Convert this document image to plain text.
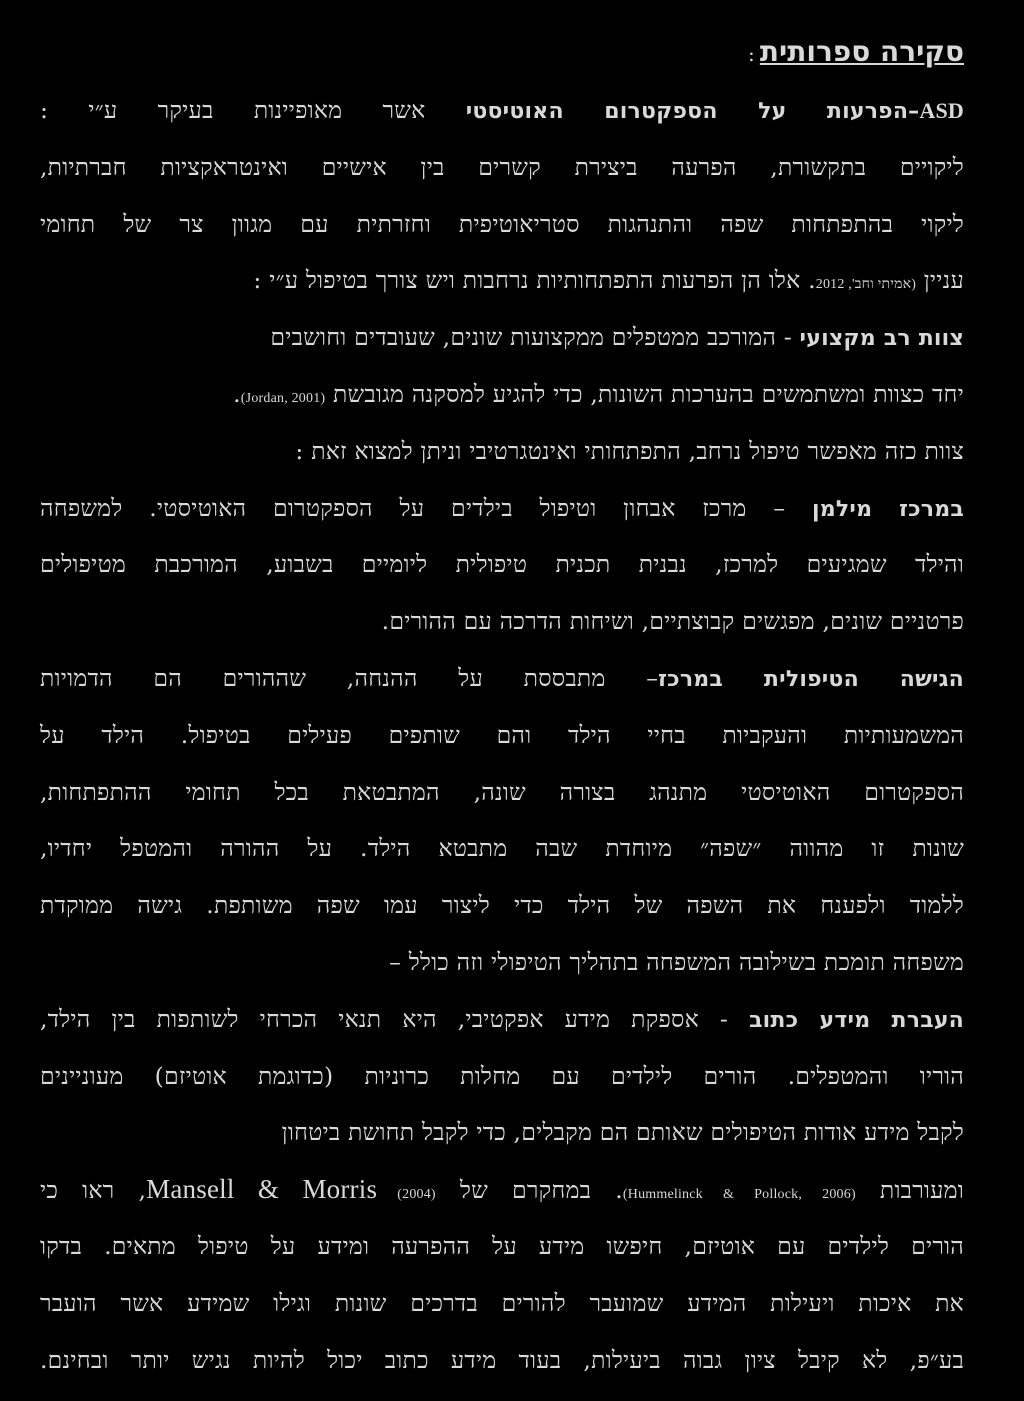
סקירה ספרותית :
ASD–הפרעות על הספקטרום האוטיסטי אשר מאופיינות בעיקר ע״י :
ליקויים בתקשורת, הפרעה ביצירת קשרים בין אישיים ואינטראקציות חברתיות,
ליקוי בהתפתחות שפה והתנהגות סטריאוטיפית וחזרתית עם מגוון צר של תחומי
עניין (אמיתי וחב', 2012. אלו הן הפרעות התפתחותיות נרחבות ויש צורך בטיפול ע״י :
צוות רב מקצועי - המורכב ממטפלים ממקצועות שונים, שעובדים וחושבים
יחד כצוות ומשתמשים בהערכות השונות, כדי להגיע למסקנה מגובשת (Jordan, 2001).
צוות כזה מאפשר טיפול נרחב, התפתחותי ואינטגרטיבי וניתן למצוא זאת :
במרכז מילמן – מרכז אבחון וטיפול בילדים על הספקטרום האוטיסטי. למשפחה
והילד שמגיעים למרכז, נבנית תכנית טיפולית ליומיים בשבוע, המורכבת מטיפולים
פרטניים שונים, מפגשים קבוצתיים, ושיחות הדרכה עם ההורים.
הגישה הטיפולית במרכז– מתבססת על ההנחה, שההורים הם הדמויות
המשמעותיות והעקביות בחיי הילד והם שותפים פעילים בטיפול. הילד על
הספקטרום האוטיסטי מתנהג בצורה שונה, המתבטאת בכל תחומי ההתפתחות,
שונות זו מהווה ״שפה״ מיוחדת שבה מתבטא הילד. על ההורה והמטפל יחדיו,
ללמוד ולפענח את השפה של הילד כדי ליצור עמו שפה משותפת. גישה ממוקדת
משפחה תומכת בשילובה המשפחה בתהליך הטיפולי וזה כולל –
העברת מידע כתוב - אספקת מידע אפקטיבי, היא תנאי הכרחי לשותפות בין הילד,
הוריו והמטפלים. הורים לילדים עם מחלות כרוניות (כדוגמת אוטיזם) מעוניינים
לקבל מידע אודות הטיפולים שאותם הם מקבלים, כדי לקבל תחושת ביטחון
ומעורבות (Hummelinck & Pollock, 2006). במחקרם של Mansell & Morris (2004), ראו כי
הורים לילדים עם אוטיזם, חיפשו מידע על ההפרעה ומידע על טיפול מתאים. בדקו
את איכות ויעילות המידע שמועבר להורים בדרכים שונות וגילו שמידע אשר הועבר
בע״פ, לא קיבל ציון גבוה ביעילות, בעוד מידע כתוב יכול להיות נגיש יותר ובחינם.
